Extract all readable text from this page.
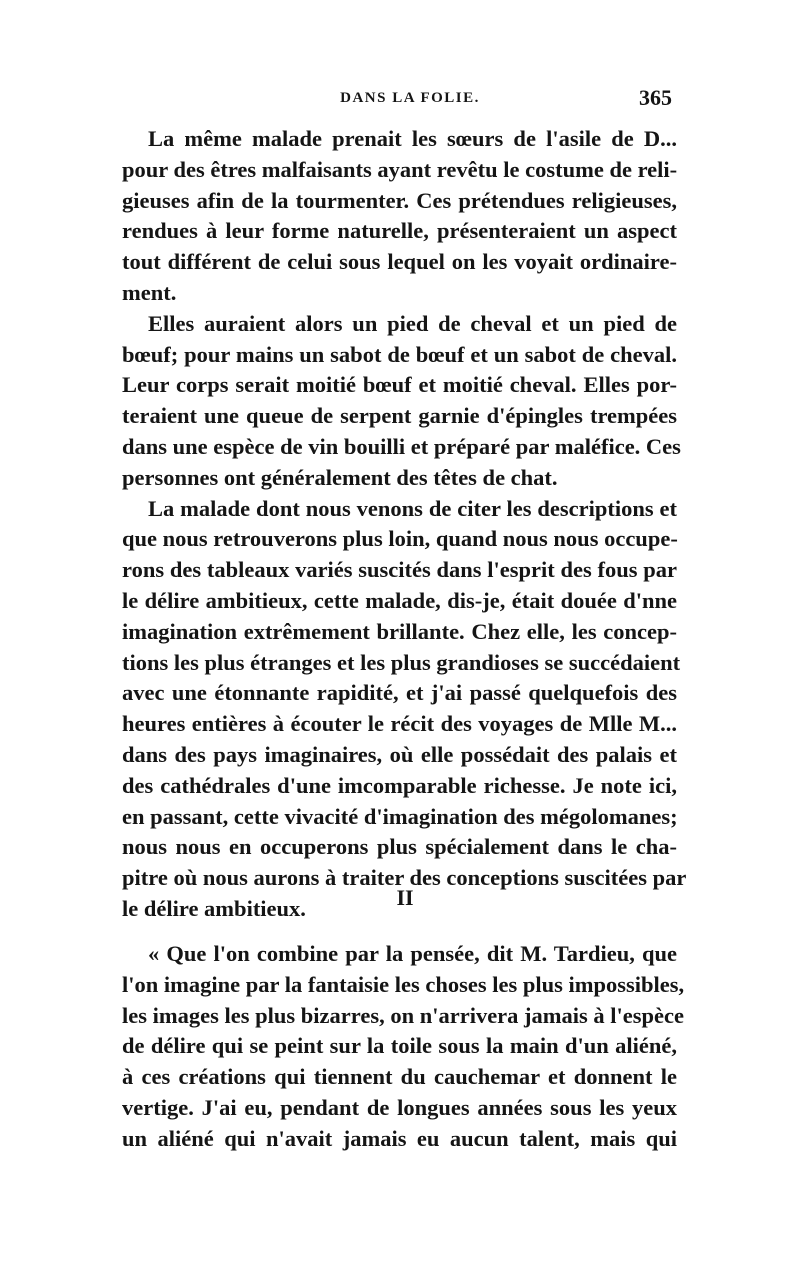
DANS LA FOLIE.	365
La même malade prenait les sœurs de l'asile de D...
pour des êtres malfaisants ayant revêtu le costume de reli-
gieuses afin de la tourmenter. Ces prétendues religieuses,
rendues à leur forme naturelle, présenteraient un aspect
tout différent de celui sous lequel on les voyait ordinaire-
ment.
Elles auraient alors un pied de cheval et un pied de
bœuf; pour mains un sabot de bœuf et un sabot de cheval.
Leur corps serait moitié bœuf et moitié cheval. Elles por-
teraient une queue de serpent garnie d'épingles trempées
dans une espèce de vin bouilli et préparé par maléfice. Ces
personnes ont généralement des têtes de chat.
La malade dont nous venons de citer les descriptions et
que nous retrouverons plus loin, quand nous nous occupe-
rons des tableaux variés suscités dans l'esprit des fous par
le délire ambitieux, cette malade, dis-je, était douée d'nne
imagination extrêmement brillante. Chez elle, les concep-
tions les plus étranges et les plus grandioses se succédaient
avec une étonnante rapidité, et j'ai passé quelquefois des
heures entières à écouter le récit des voyages de Mlle M...
dans des pays imaginaires, où elle possédait des palais et
des cathédrales d'une imcomparable richesse. Je note ici,
en passant, cette vivacité d'imagination des mégolomanes;
nous nous en occuperons plus spécialement dans le cha-
pitre où nous aurons à traiter des conceptions suscitées par
le délire ambitieux.	II
« Que l'on combine par la pensée, dit M. Tardieu, que
l'on imagine par la fantaisie les choses les plus impossibles,
les images les plus bizarres, on n'arrivera jamais à l'espèce
de délire qui se peint sur la toile sous la main d'un aliéné,
à ces créations qui tiennent du cauchemar et donnent le
vertige. J'ai eu, pendant de longues années sous les yeux
un aliéné qui n'avait jamais eu aucun talent, mais qui
